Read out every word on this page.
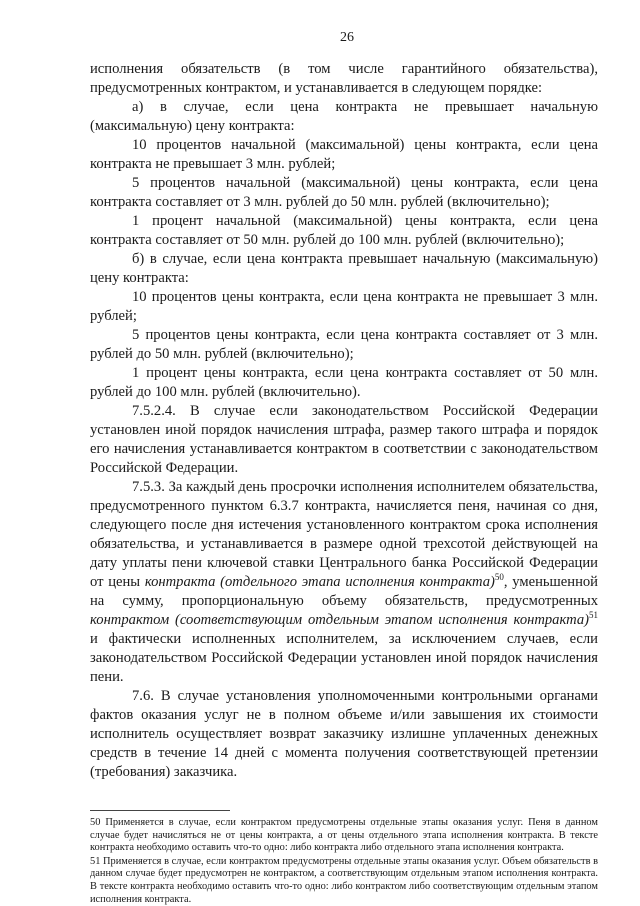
26

исполнения обязательств (в том числе гарантийного обязательства), предусмотренных контрактом, и устанавливается в следующем порядке:

а) в случае, если цена контракта не превышает начальную (максимальную) цену контракта:

10 процентов начальной (максимальной) цены контракта, если цена контракта не превышает 3 млн. рублей;

5 процентов начальной (максимальной) цены контракта, если цена контракта составляет от 3 млн. рублей до 50 млн. рублей (включительно);

1 процент начальной (максимальной) цены контракта, если цена контракта составляет от 50 млн. рублей до 100 млн. рублей (включительно);

б) в случае, если цена контракта превышает начальную (максимальную) цену контракта:

10 процентов цены контракта, если цена контракта не превышает 3 млн. рублей;

5 процентов цены контракта, если цена контракта составляет от 3 млн. рублей до 50 млн. рублей (включительно);

1 процент цены контракта, если цена контракта составляет от 50 млн. рублей до 100 млн. рублей (включительно).

7.5.2.4. В случае если законодательством Российской Федерации установлен иной порядок начисления штрафа, размер такого штрафа и порядок его начисления устанавливается контрактом в соответствии с законодательством Российской Федерации.

7.5.3. За каждый день просрочки исполнения исполнителем обязательства, предусмотренного пунктом 6.3.7 контракта, начисляется пеня, начиная со дня, следующего после дня истечения установленного контрактом срока исполнения обязательства, и устанавливается в размере одной трехсотой действующей на дату уплаты пени ключевой ставки Центрального банка Российской Федерации от цены контракта (отдельного этапа исполнения контракта)$^{50}$, уменьшенной на сумму, пропорциональную объему обязательств, предусмотренных контрактом (соответствующим отдельным этапом исполнения контракта)$^{51}$ и фактически исполненных исполнителем, за исключением случаев, если законодательством Российской Федерации установлен иной порядок начисления пени.

7.6. В случае установления уполномоченными контрольными органами фактов оказания услуг не в полном объеме и/или завышения их стоимости исполнитель осуществляет возврат заказчику излишне уплаченных денежных средств в течение 14 дней с момента получения соответствующей претензии (требования) заказчика.

50 Применяется в случае, если контрактом предусмотрены отдельные этапы оказания услуг. Пеня в данном случае будет начисляться не от цены контракта, а от цены отдельного этапа исполнения контракта. В тексте контракта необходимо оставить что-то одно: либо контракта либо отдельного этапа исполнения контракта.

51 Применяется в случае, если контрактом предусмотрены отдельные этапы оказания услуг. Объем обязательств в данном случае будет предусмотрен не контрактом, а соответствующим отдельным этапом исполнения контракта. В тексте контракта необходимо оставить что-то одно: либо контрактом либо соответствующим отдельным этапом исполнения контракта.
